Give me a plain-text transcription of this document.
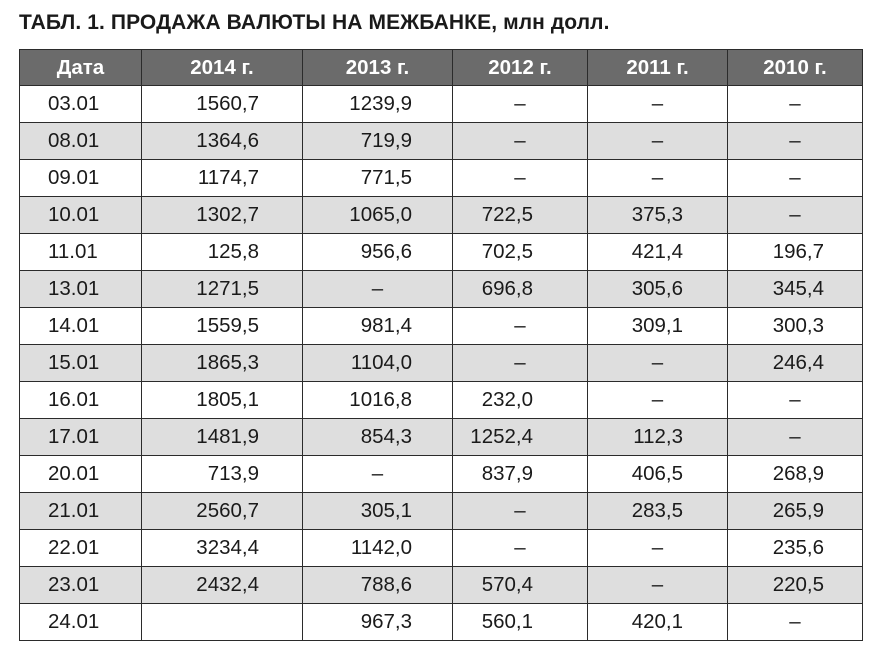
ТАБЛ. 1. ПРОДАЖА ВАЛЮТЫ НА МЕЖБАНКЕ, млн долл.
Дата	2014 г.	2013 г.	2012 г.	2011 г.	2010 г.
03.01	1560,7	1239,9	–	–	–
08.01	1364,6	719,9	–	–	–
09.01	1174,7	771,5	–	–	–
10.01	1302,7	1065,0	722,5	375,3	–
11.01	125,8	956,6	702,5	421,4	196,7
13.01	1271,5	–	696,8	305,6	345,4
14.01	1559,5	981,4	–	309,1	300,3
15.01	1865,3	1104,0	–	–	246,4
16.01	1805,1	1016,8	232,0	–	–
17.01	1481,9	854,3	1252,4	112,3	–
20.01	713,9	–	837,9	406,5	268,9
21.01	2560,7	305,1	–	283,5	265,9
22.01	3234,4	1142,0	–	–	235,6
23.01	2432,4	788,6	570,4	–	220,5
24.01		967,3	560,1	420,1	–
